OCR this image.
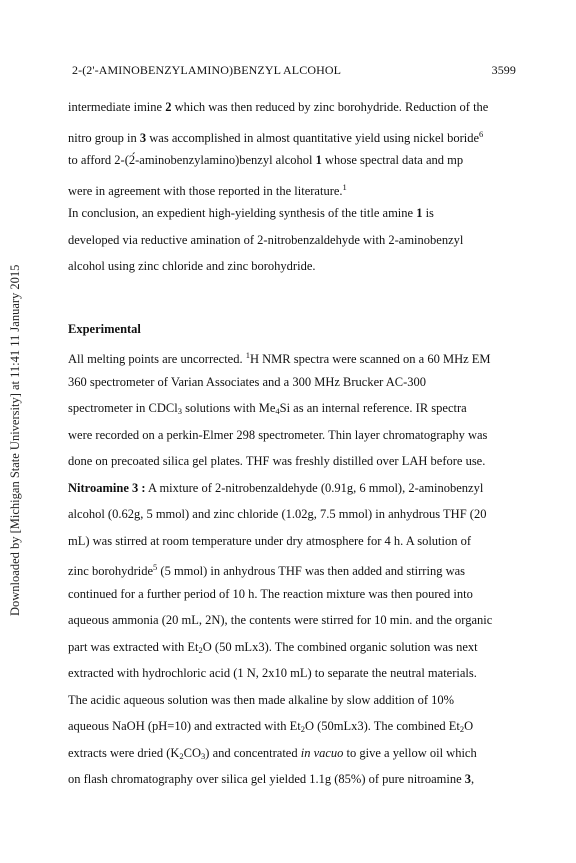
2-(2'-AMINOBENZYLAMINO)BENZYL ALCOHOL	3599
Downloaded by [Michigan State University] at 11:41 11 January 2015
intermediate imine 2 which was then reduced by zinc borohydride. Reduction of the
nitro group in 3 was accomplished in almost quantitative yield using nickel boride$^6$
to afford 2-(2́-aminobenzylamino)benzyl alcohol 1 whose spectral data and mp
were in agreement with those reported in the literature.$^1$
In conclusion, an expedient high-yielding synthesis of the title amine 1 is
developed via reductive amination of 2-nitrobenzaldehyde with 2-aminobenzyl
alcohol using zinc chloride and zinc borohydride.
Experimental
All melting points are uncorrected. $^1$H NMR spectra were scanned on a 60 MHz EM
360 spectrometer of Varian Associates and a 300 MHz Brucker AC-300
spectrometer in CDCl$_3$ solutions with $Me_4Si$ as an internal reference. IR spectra
were recorded on a perkin-Elmer 298 spectrometer. Thin layer chromatography was
done on precoated silica gel plates. THF was freshly distilled over LAH before use.
Nitroamine 3 : A mixture of 2-nitrobenzaldehyde (0.91g, 6 mmol), 2-aminobenzyl
alcohol (0.62g, 5 mmol) and zinc chloride (1.02g, 7.5 mmol) in anhydrous THF (20
mL) was stirred at room temperature under dry atmosphere for 4 h. A solution of
zinc borohydride$^5$ (5 mmol) in anhydrous THF was then added and stirring was
continued for a further period of 10 h. The reaction mixture was then poured into
aqueous ammonia (20 mL, 2N), the contents were stirred for 10 min. and the organic
part was extracted with $Et_2O$ (50 mLx3). The combined organic solution was next
extracted with hydrochloric acid (1 N, 2x10 mL) to separate the neutral materials.
The acidic aqueous solution was then made alkaline by slow addition of 10%
aqueous NaOH (pH=10) and extracted with $Et_2O$ (50mLx3). The combined $Et_2O$
extracts were dried $(K_2CO_3)$ and concentrated in vacuo to give a yellow oil which
on flash chromatography over silica gel yielded 1.1g (85%) of pure nitroamine 3,
